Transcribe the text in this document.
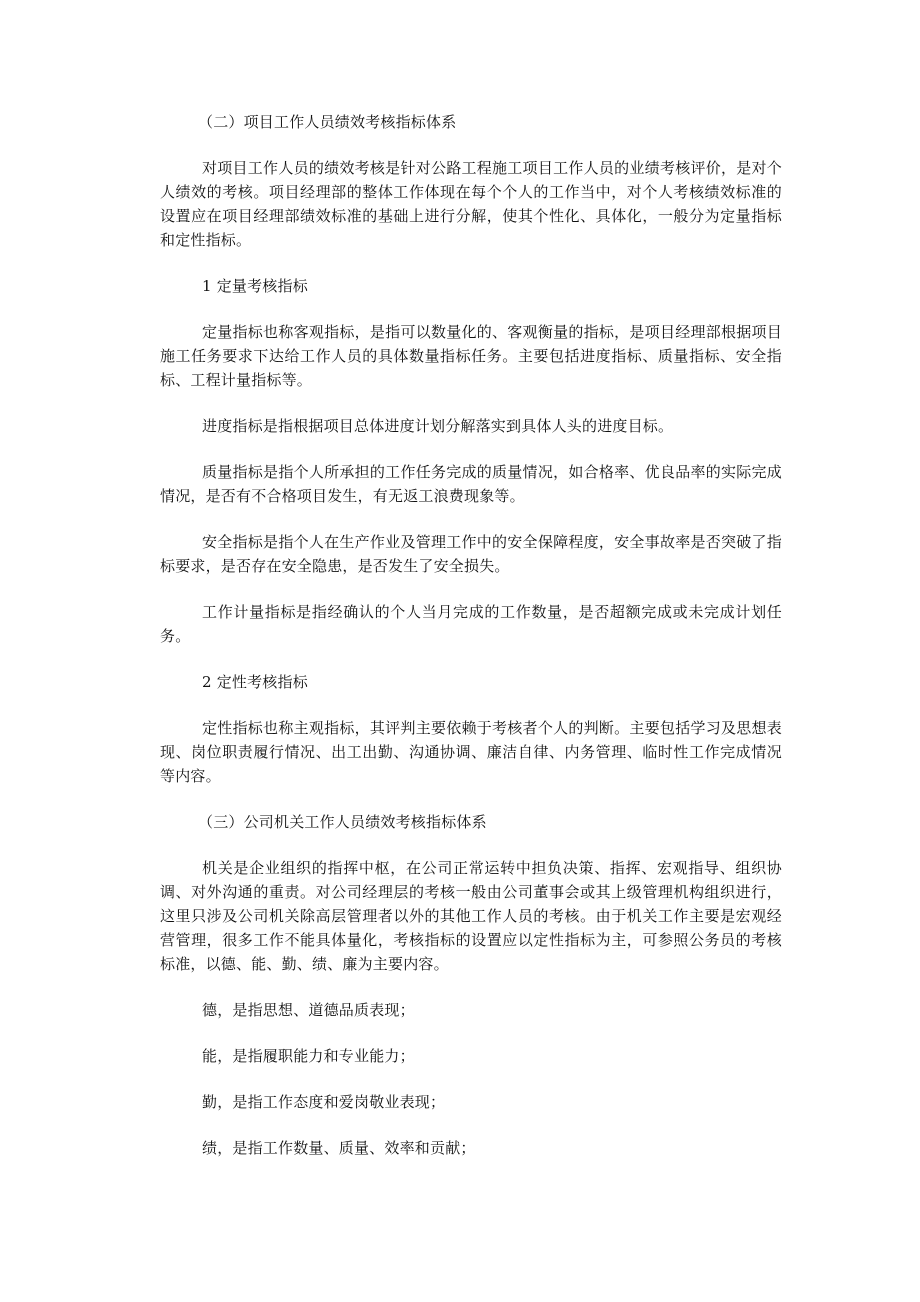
（二）项目工作人员绩效考核指标体系

对项目工作人员的绩效考核是针对公路工程施工项目工作人员的业绩考核评价，是对个人绩效的考核。项目经理部的整体工作体现在每个个人的工作当中，对个人考核绩效标准的设置应在项目经理部绩效标准的基础上进行分解，使其个性化、具体化，一般分为定量指标和定性指标。

1 定量考核指标

定量指标也称客观指标，是指可以数量化的、客观衡量的指标，是项目经理部根据项目施工任务要求下达给工作人员的具体数量指标任务。主要包括进度指标、质量指标、安全指标、工程计量指标等。

进度指标是指根据项目总体进度计划分解落实到具体人头的进度目标。

质量指标是指个人所承担的工作任务完成的质量情况，如合格率、优良品率的实际完成情况，是否有不合格项目发生，有无返工浪费现象等。

安全指标是指个人在生产作业及管理工作中的安全保障程度，安全事故率是否突破了指标要求，是否存在安全隐患，是否发生了安全损失。

工作计量指标是指经确认的个人当月完成的工作数量，是否超额完成或未完成计划任务。

2 定性考核指标

定性指标也称主观指标，其评判主要依赖于考核者个人的判断。主要包括学习及思想表现、岗位职责履行情况、出工出勤、沟通协调、廉洁自律、内务管理、临时性工作完成情况等内容。

（三）公司机关工作人员绩效考核指标体系

机关是企业组织的指挥中枢，在公司正常运转中担负决策、指挥、宏观指导、组织协调、对外沟通的重责。对公司经理层的考核一般由公司董事会或其上级管理机构组织进行，这里只涉及公司机关除高层管理者以外的其他工作人员的考核。由于机关工作主要是宏观经营管理，很多工作不能具体量化，考核指标的设置应以定性指标为主，可参照公务员的考核标准，以德、能、勤、绩、廉为主要内容。

德，是指思想、道德品质表现；

能，是指履职能力和专业能力；

勤，是指工作态度和爱岗敬业表现；

绩，是指工作数量、质量、效率和贡献；
